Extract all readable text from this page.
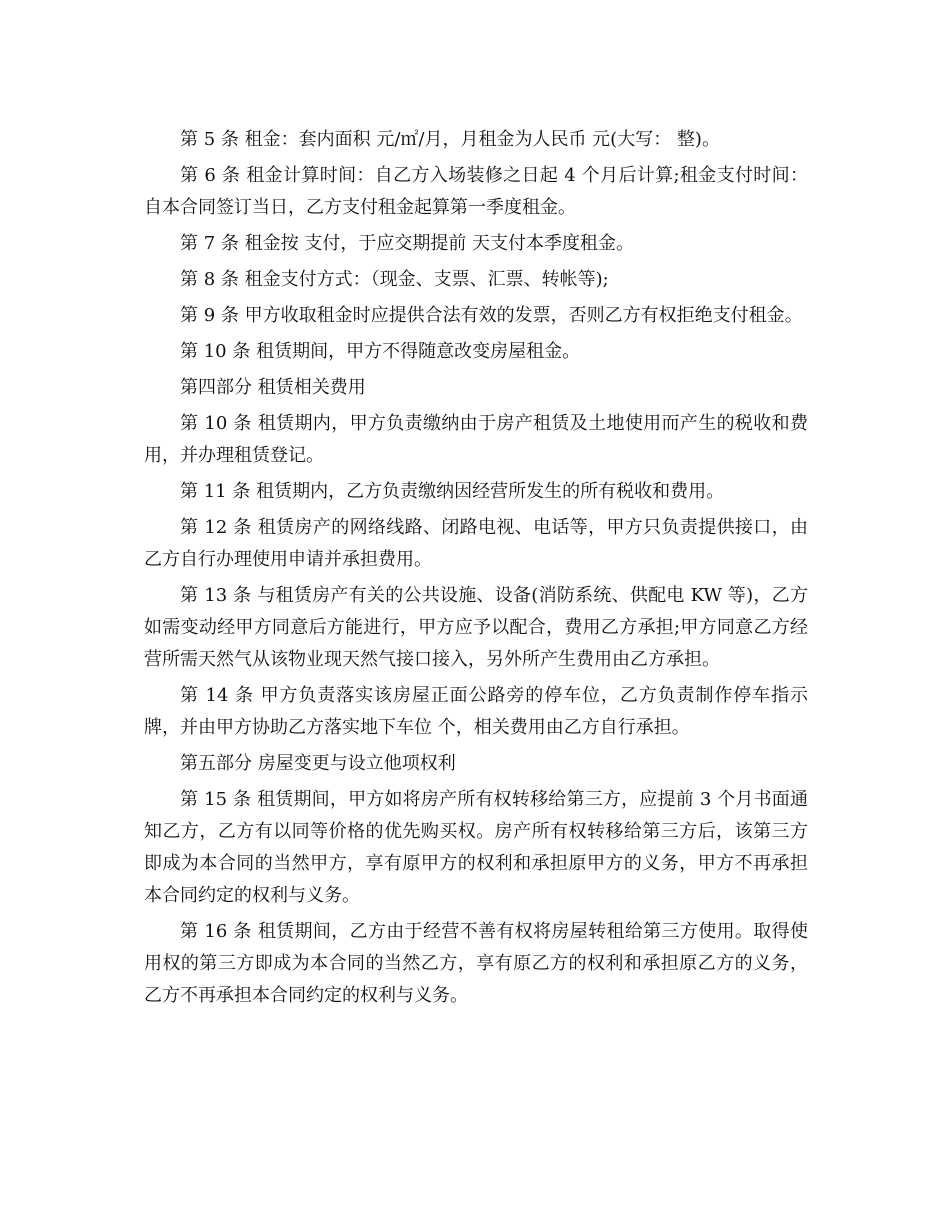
第 5 条 租金：套内面积 元/㎡/月，月租金为人民币 元(大写： 整)。

第 6 条 租金计算时间：自乙方入场装修之日起 4 个月后计算;租金支付时间：自本合同签订当日，乙方支付租金起算第一季度租金。

第 7 条 租金按 支付，于应交期提前 天支付本季度租金。

第 8 条 租金支付方式：（现金、支票、汇票、转帐等);

第 9 条 甲方收取租金时应提供合法有效的发票，否则乙方有权拒绝支付租金。

第 10 条 租赁期间，甲方不得随意改变房屋租金。

第四部分 租赁相关费用

第 10 条 租赁期内，甲方负责缴纳由于房产租赁及土地使用而产生的税收和费用，并办理租赁登记。

第 11 条 租赁期内，乙方负责缴纳因经营所发生的所有税收和费用。

第 12 条 租赁房产的网络线路、闭路电视、电话等，甲方只负责提供接口，由乙方自行办理使用申请并承担费用。

第 13 条 与租赁房产有关的公共设施、设备(消防系统、供配电 KW 等)，乙方如需变动经甲方同意后方能进行，甲方应予以配合，费用乙方承担;甲方同意乙方经营所需天然气从该物业现天然气接口接入，另外所产生费用由乙方承担。

第 14 条 甲方负责落实该房屋正面公路旁的停车位，乙方负责制作停车指示牌，并由甲方协助乙方落实地下车位 个，相关费用由乙方自行承担。

第五部分 房屋变更与设立他项权利

第 15 条 租赁期间，甲方如将房产所有权转移给第三方，应提前 3 个月书面通知乙方，乙方有以同等价格的优先购买权。房产所有权转移给第三方后，该第三方即成为本合同的当然甲方，享有原甲方的权利和承担原甲方的义务，甲方不再承担本合同约定的权利与义务。

第 16 条 租赁期间，乙方由于经营不善有权将房屋转租给第三方使用。取得使用权的第三方即成为本合同的当然乙方，享有原乙方的权利和承担原乙方的义务，乙方不再承担本合同约定的权利与义务。
